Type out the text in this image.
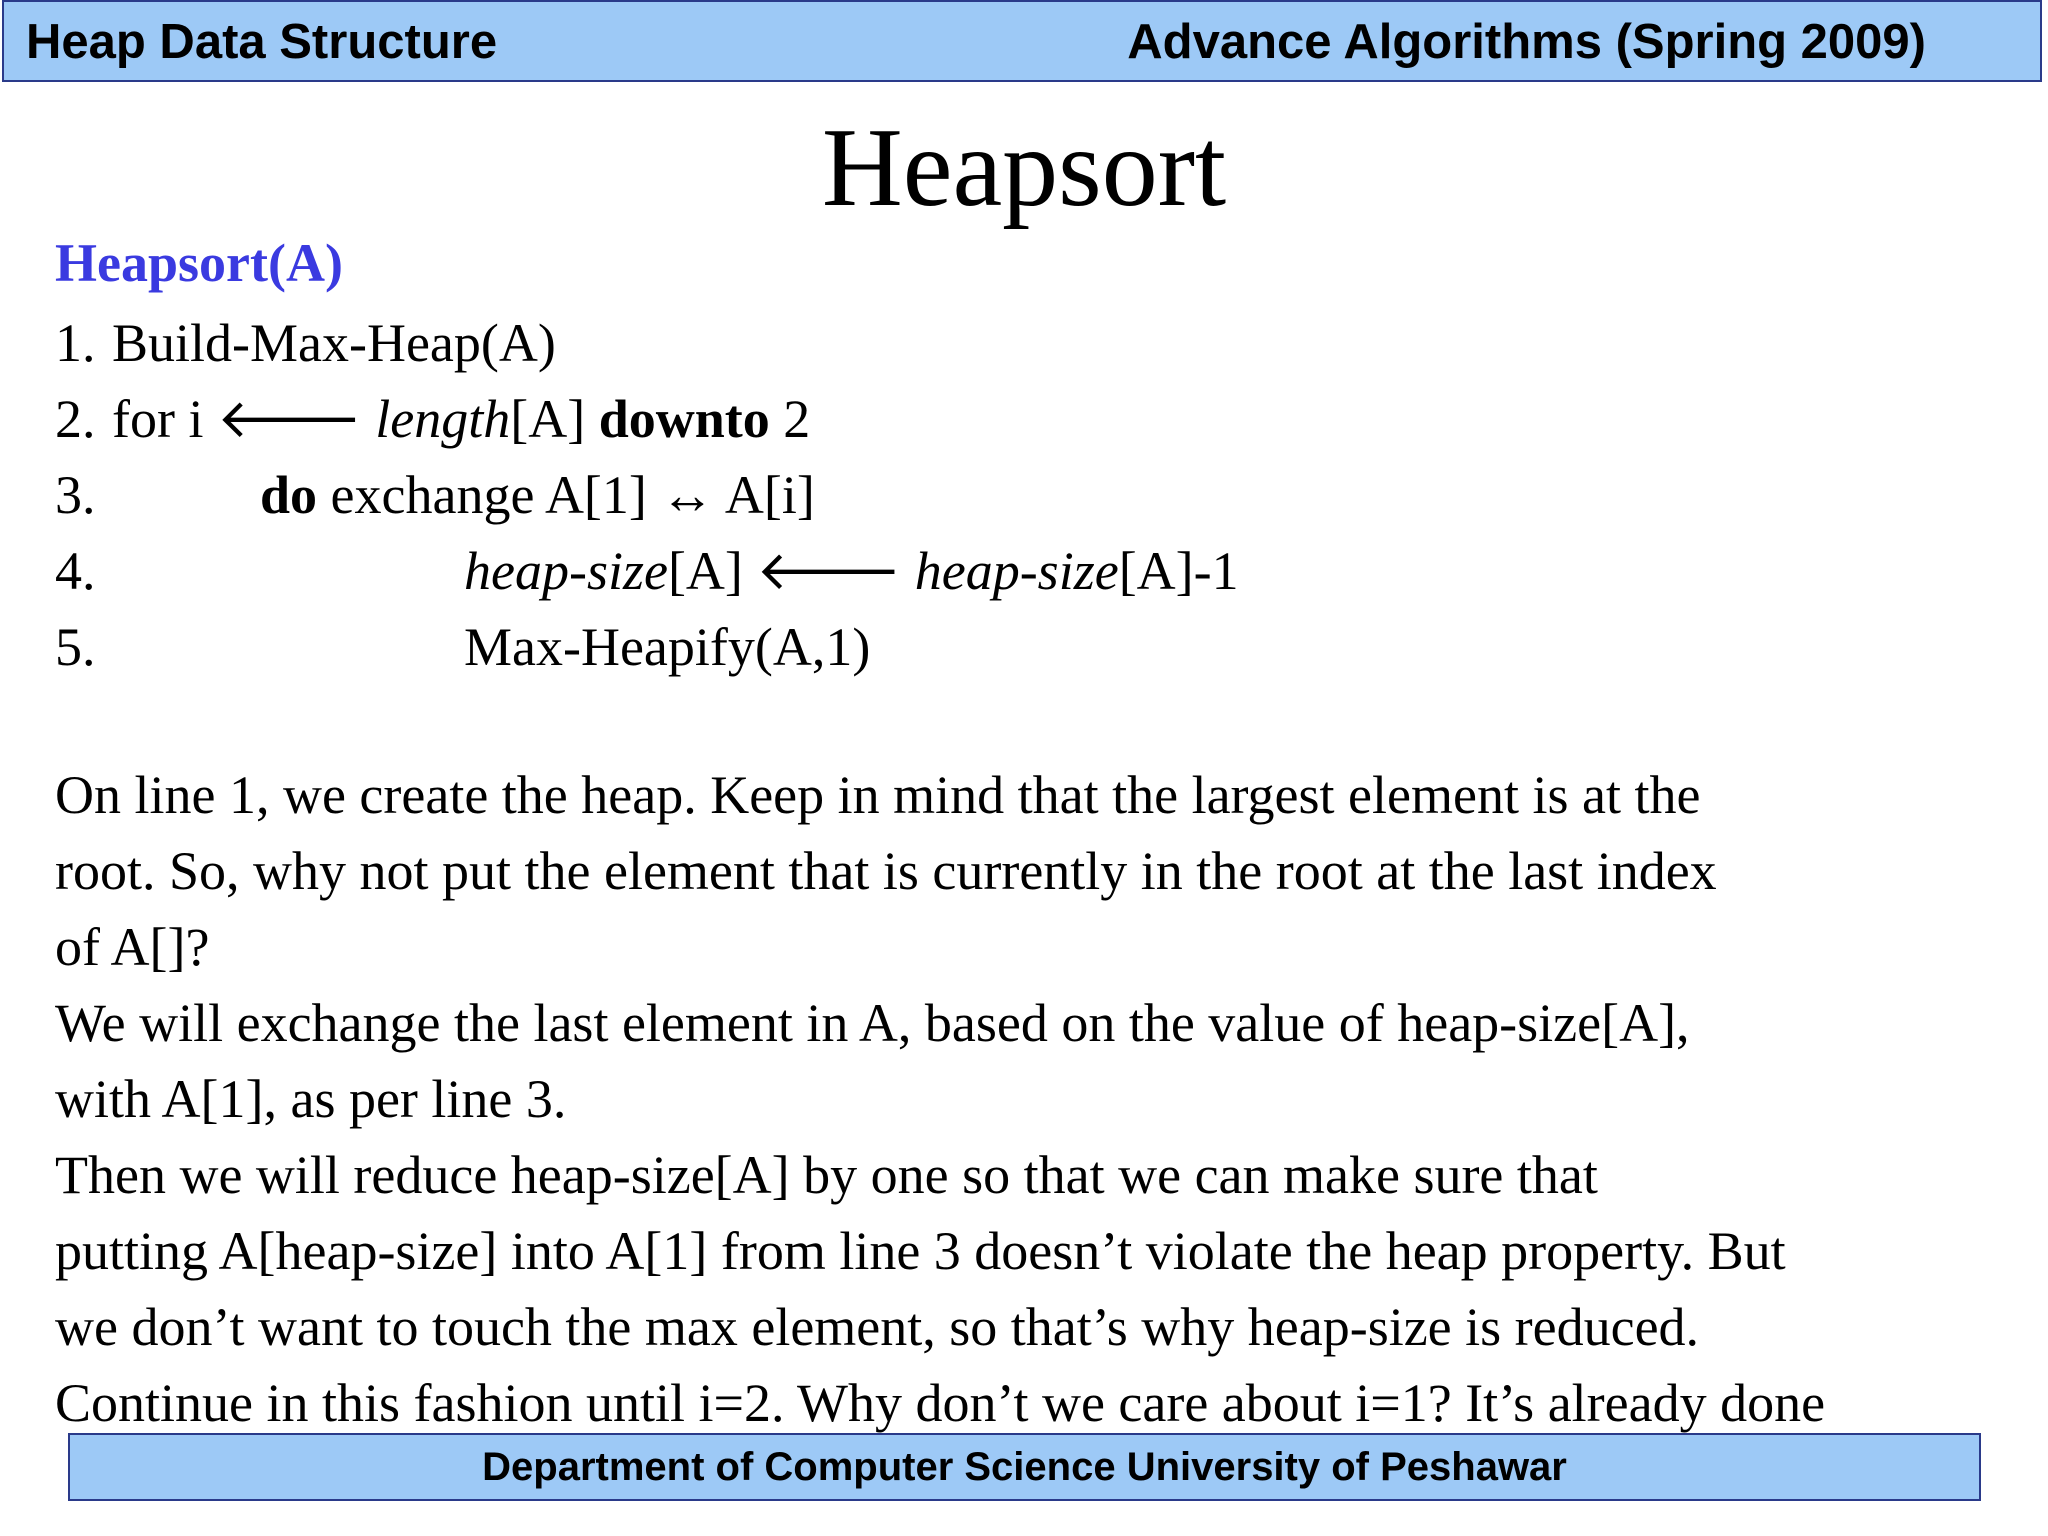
Heap Data Structure	Advance Algorithms (Spring 2009)
Heapsort
Heapsort(A)
1. Build-Max-Heap(A)
2. for i 🡐 length[A] downto 2
3.	do exchange A[1] ↔ A[i]
4.	heap-size[A] 🡐 heap-size[A]-1
5.	Max-Heapify(A,1)
On line 1, we create the heap. Keep in mind that the largest element is at the
root. So, why not put the element that is currently in the root at the last index
of A[]?
We will exchange the last element in A, based on the value of heap-size[A],
with A[1], as per line 3.
Then we will reduce heap-size[A] by one so that we can make sure that
putting A[heap-size] into A[1] from line 3 doesn’t violate the heap property. But
we don’t want to touch the max element, so that’s why heap-size is reduced.
Continue in this fashion until i=2. Why don’t we care about i=1? It’s already done
Department of Computer Science University of Peshawar
